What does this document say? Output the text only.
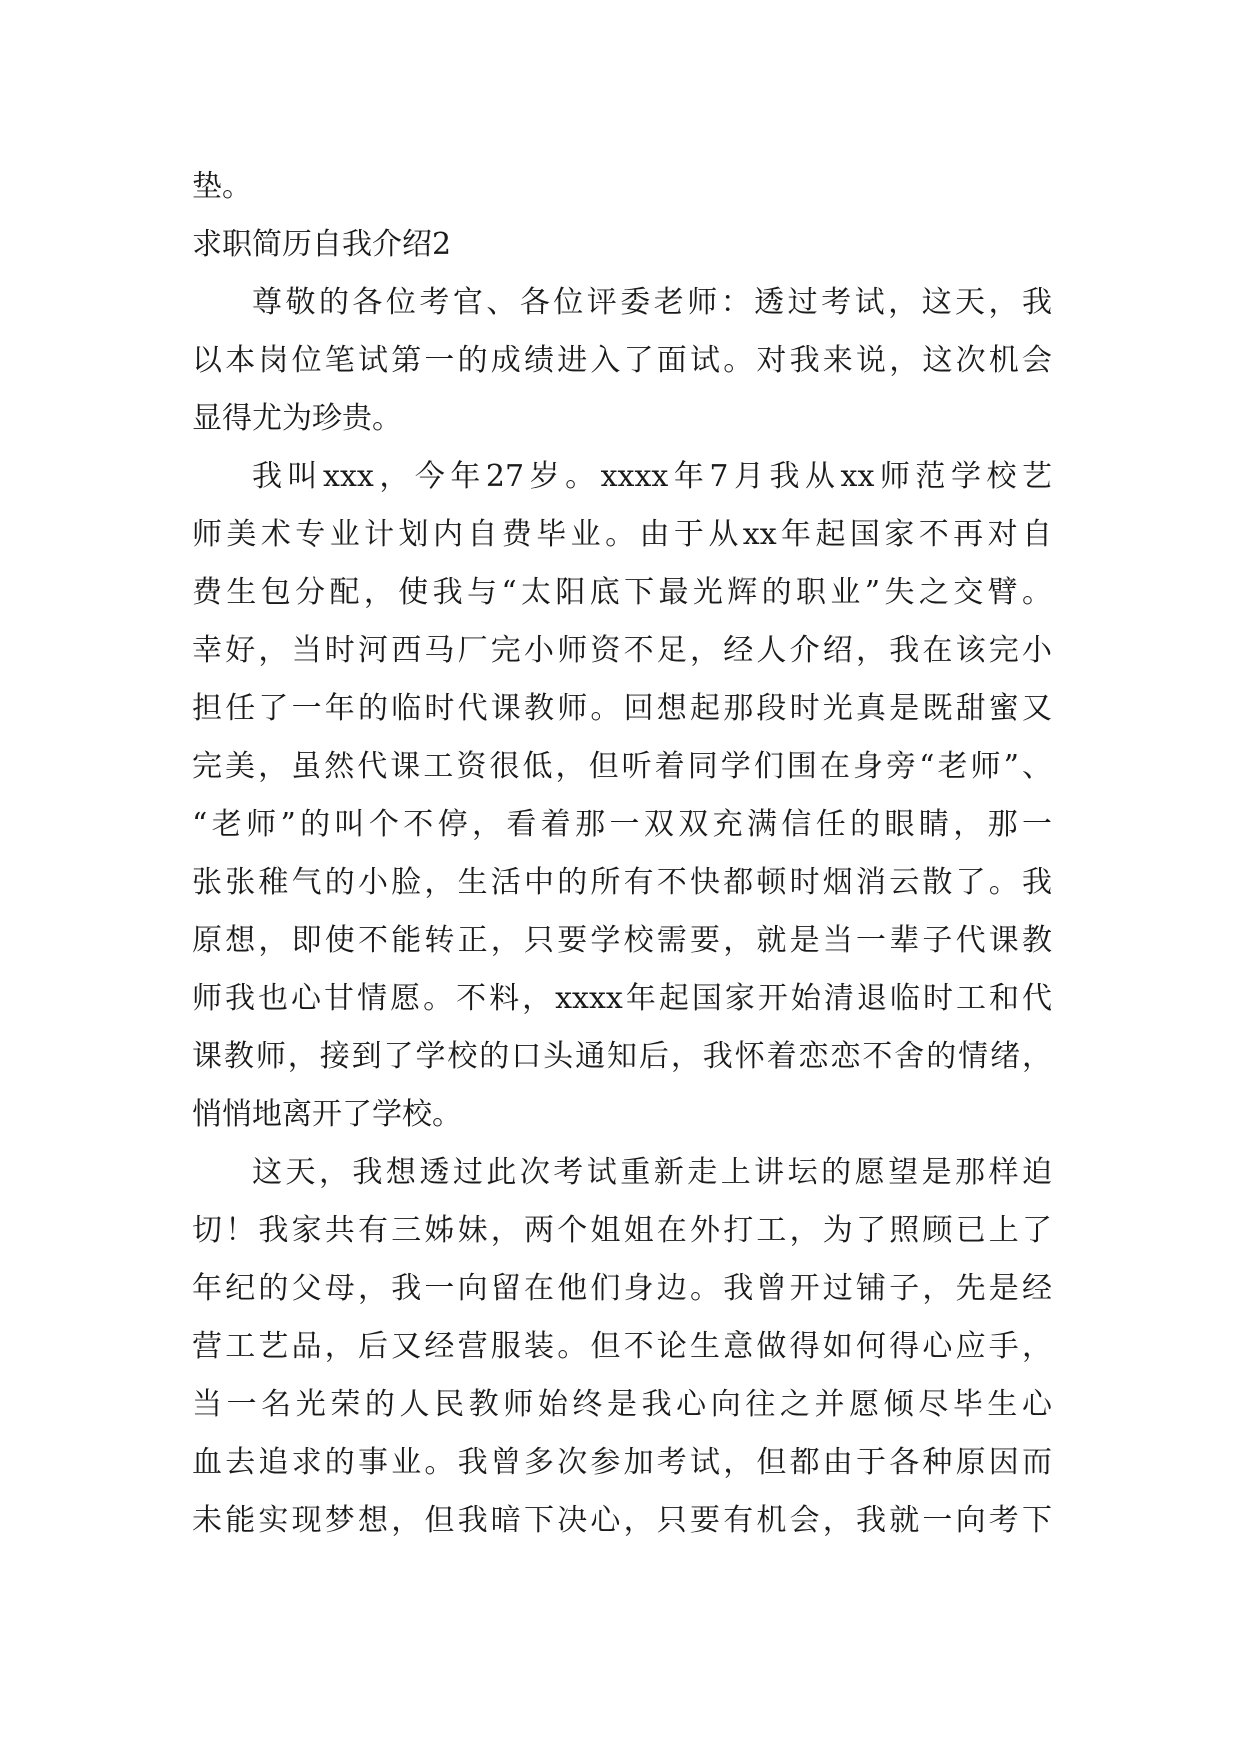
垫。
求职简历自我介绍2
尊敬的各位考官、各位评委老师：透过考试，这天，我
以本岗位笔试第一的成绩进入了面试。对我来说，这次机会
显得尤为珍贵。
我叫xxx，今年27岁。xxxx年7月我从xx师范学校艺
师美术专业计划内自费毕业。由于从xx年起国家不再对自
费生包分配，使我与“太阳底下最光辉的职业”失之交臂。
幸好，当时河西马厂完小师资不足，经人介绍，我在该完小
担任了一年的临时代课教师。回想起那段时光真是既甜蜜又
完美，虽然代课工资很低，但听着同学们围在身旁“老师”、
“老师”的叫个不停，看着那一双双充满信任的眼睛，那一
张张稚气的小脸，生活中的所有不快都顿时烟消云散了。我
原想，即使不能转正，只要学校需要，就是当一辈子代课教
师我也心甘情愿。不料，xxxx年起国家开始清退临时工和代
课教师，接到了学校的口头通知后，我怀着恋恋不舍的情绪，
悄悄地离开了学校。
这天，我想透过此次考试重新走上讲坛的愿望是那样迫
切！我家共有三姊妹，两个姐姐在外打工，为了照顾已上了
年纪的父母，我一向留在他们身边。我曾开过铺子，先是经
营工艺品，后又经营服装。但不论生意做得如何得心应手，
当一名光荣的人民教师始终是我心向往之并愿倾尽毕生心
血去追求的事业。我曾多次参加考试，但都由于各种原因而
未能实现梦想，但我暗下决心，只要有机会，我就一向考下
